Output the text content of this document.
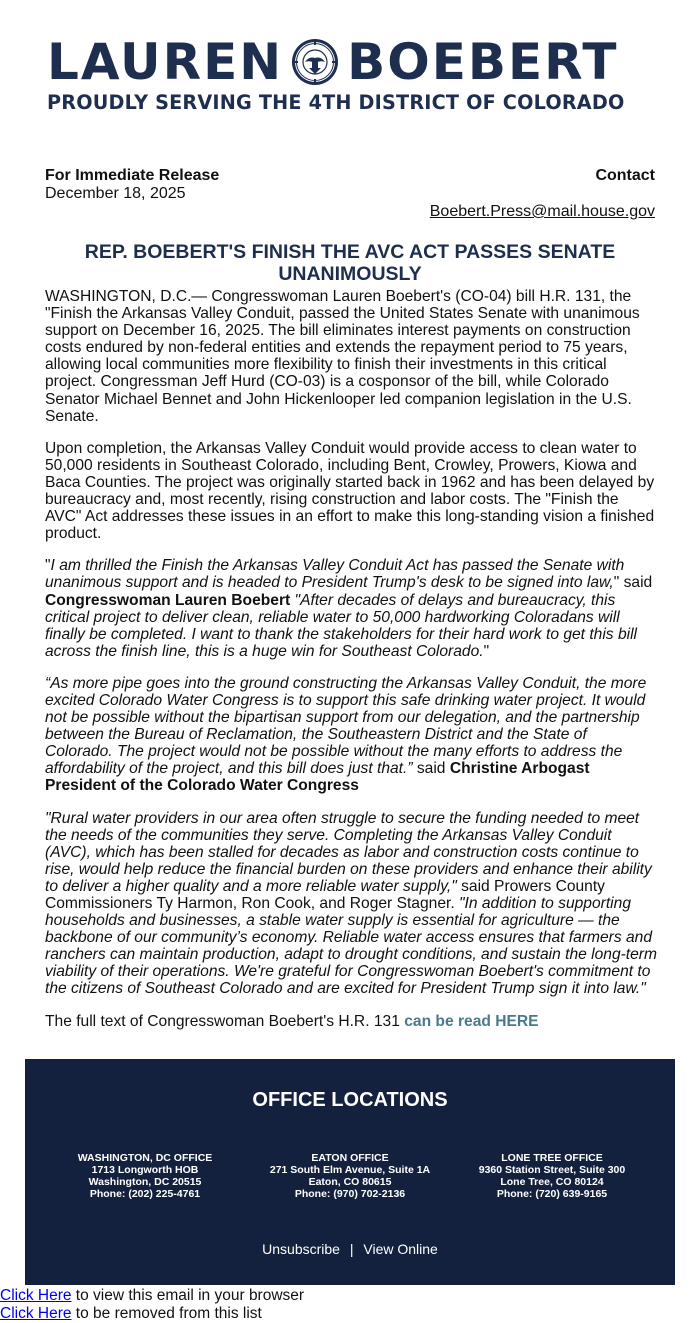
LAUREN BOEBERT
PROUDLY SERVING THE 4TH DISTRICT OF COLORADO
For Immediate Release
December 18, 2025
Contact
Boebert.Press@mail.house.gov
REP. BOEBERT'S FINISH THE AVC ACT PASSES SENATE UNANIMOUSLY

WASHINGTON, D.C.— Congresswoman Lauren Boebert's (CO-04) bill H.R. 131, the "Finish the Arkansas Valley Conduit, passed the United States Senate with unanimous support on December 16, 2025. The bill eliminates interest payments on construction costs endured by non-federal entities and extends the repayment period to 75 years, allowing local communities more flexibility to finish their investments in this critical project. Congressman Jeff Hurd (CO-03) is a cosponsor of the bill, while Colorado Senator Michael Bennet and John Hickenlooper led companion legislation in the U.S. Senate.

Upon completion, the Arkansas Valley Conduit would provide access to clean water to 50,000 residents in Southeast Colorado, including Bent, Crowley, Prowers, Kiowa and Baca Counties. The project was originally started back in 1962 and has been delayed by bureaucracy and, most recently, rising construction and labor costs. The "Finish the AVC" Act addresses these issues in an effort to make this long-standing vision a finished product.

"I am thrilled the Finish the Arkansas Valley Conduit Act has passed the Senate with unanimous support and is headed to President Trump's desk to be signed into law," said Congresswoman Lauren Boebert "After decades of delays and bureaucracy, this critical project to deliver clean, reliable water to 50,000 hardworking Coloradans will finally be completed. I want to thank the stakeholders for their hard work to get this bill across the finish line, this is a huge win for Southeast Colorado."

“As more pipe goes into the ground constructing the Arkansas Valley Conduit, the more excited Colorado Water Congress is to support this safe drinking water project. It would not be possible without the bipartisan support from our delegation, and the partnership between the Bureau of Reclamation, the Southeastern District and the State of Colorado. The project would not be possible without the many efforts to address the affordability of the project, and this bill does just that.” said Christine Arbogast President of the Colorado Water Congress

"Rural water providers in our area often struggle to secure the funding needed to meet the needs of the communities they serve. Completing the Arkansas Valley Conduit (AVC), which has been stalled for decades as labor and construction costs continue to rise, would help reduce the financial burden on these providers and enhance their ability to deliver a higher quality and a more reliable water supply," said Prowers County Commissioners Ty Harmon, Ron Cook, and Roger Stagner. "In addition to supporting households and businesses, a stable water supply is essential for agriculture — the backbone of our community’s economy. Reliable water access ensures that farmers and ranchers can maintain production, adapt to drought conditions, and sustain the long-term viability of their operations. We're grateful for Congresswoman Boebert's commitment to the citizens of Southeast Colorado and are excited for President Trump sign it into law."

The full text of Congresswoman Boebert's H.R. 131 can be read HERE

OFFICE LOCATIONS
WASHINGTON, DC OFFICE
1713 Longworth HOB
Washington, DC 20515
Phone: (202) 225-4761
EATON OFFICE
271 South Elm Avenue, Suite 1A
Eaton, CO 80615
Phone: (970) 702-2136
LONE TREE OFFICE
9360 Station Street, Suite 300
Lone Tree, CO 80124
Phone: (720) 639-9165
Unsubscribe | View Online
Click Here to view this email in your browser
Click Here to be removed from this list
